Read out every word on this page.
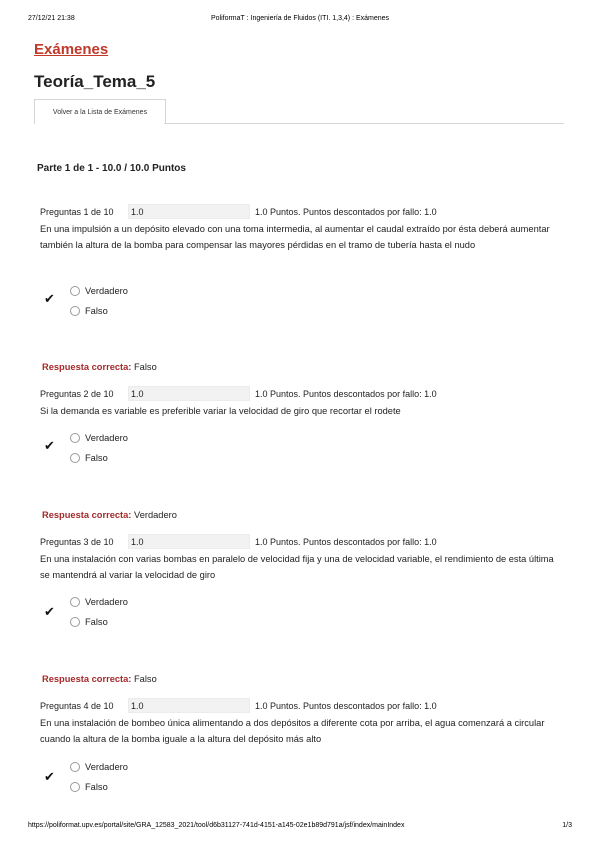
27/12/21 21:38	PoliformaT : Ingeniería de Fluidos (ITI. 1,3,4) : Exámenes
Exámenes
Teoría_Tema_5
Volver a la Lista de Exámenes
Parte 1 de 1 - 10.0 / 10.0 Puntos
Preguntas 1 de 10	1.0	1.0 Puntos. Puntos descontados por fallo: 1.0
En una impulsión a un depósito elevado con una toma intermedia, al aumentar el caudal extraído por ésta deberá aumentar también la altura de la bomba para compensar las mayores pérdidas en el tramo de tubería hasta el nudo
Verdadero
Falso
✔
Respuesta correcta: Falso
Preguntas 2 de 10	1.0	1.0 Puntos. Puntos descontados por fallo: 1.0
Si la demanda es variable es preferible variar la velocidad de giro que recortar el rodete
Verdadero
Falso
✔
Respuesta correcta: Verdadero
Preguntas 3 de 10	1.0	1.0 Puntos. Puntos descontados por fallo: 1.0
En una instalación con varias bombas en paralelo de velocidad fija y una de velocidad variable, el rendimiento de esta última se mantendrá al variar la velocidad de giro
Verdadero
Falso
✔
Respuesta correcta: Falso
Preguntas 4 de 10	1.0	1.0 Puntos. Puntos descontados por fallo: 1.0
En una instalación de bombeo única alimentando a dos depósitos a diferente cota por arriba, el agua comenzará a circular cuando la altura de la bomba iguale a la altura del depósito más alto
Verdadero
Falso
✔
https://poliformat.upv.es/portal/site/GRA_12583_2021/tool/d6b31127-741d-4151-a145-02e1b89d791a/jsf/index/mainIndex	1/3
